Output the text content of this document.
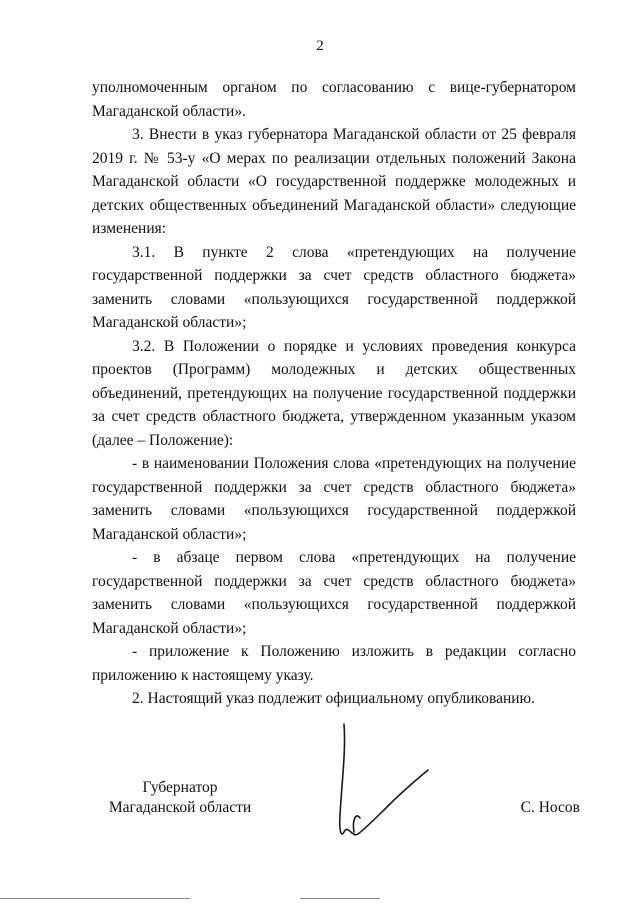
2

уполномоченным органом по согласованию с вице-губернатором Магаданской области».

3. Внести в указ губернатора Магаданской области от 25 февраля 2019 г. № 53-у «О мерах по реализации отдельных положений Закона Магаданской области «О государственной поддержке молодежных и детских общественных объединений Магаданской области» следующие изменения:

3.1. В пункте 2 слова «претендующих на получение государственной поддержки за счет средств областного бюджета» заменить словами «пользующихся государственной поддержкой Магаданской области»;

3.2. В Положении о порядке и условиях проведения конкурса проектов (Программ) молодежных и детских общественных объединений, претендующих на получение государственной поддержки за счет средств областного бюджета, утвержденном указанным указом (далее – Положение):

- в наименовании Положения слова «претендующих на получение государственной поддержки за счет средств областного бюджета» заменить словами «пользующихся государственной поддержкой Магаданской области»;

- в абзаце первом слова «претендующих на получение государственной поддержки за счет средств областного бюджета» заменить словами «пользующихся государственной поддержкой Магаданской области»;

- приложение к Положению изложить в редакции согласно приложению к настоящему указу.

2. Настоящий указ подлежит официальному опубликованию.

Губернатор
Магаданской области	С. Носов
